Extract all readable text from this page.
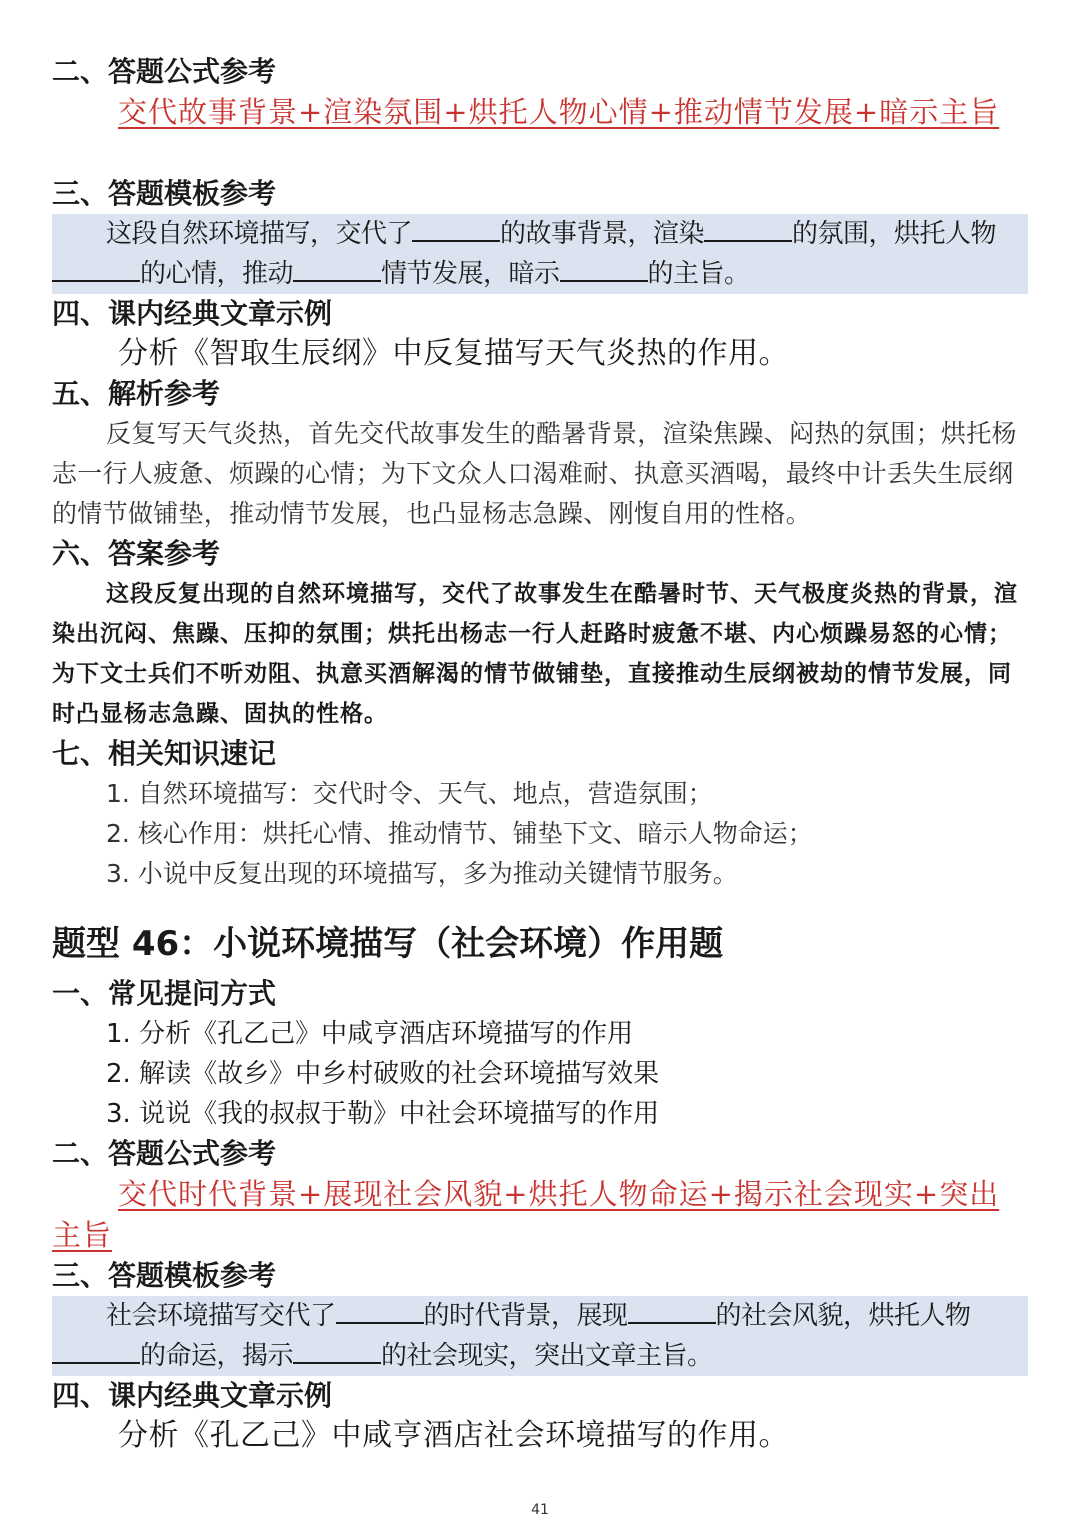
二、答题公式参考

交代故事背景+渲染氛围+烘托人物心情+推动情节发展+暗示主旨

三、答题模板参考

这段自然环境描写，交代了	的故事背景，渲染	的氛围，烘托人物的心情，推动	情节发展，暗示	的主旨。

四、课内经典文章示例

分析《智取生辰纲》中反复描写天气炎热的作用。

五、解析参考

反复写天气炎热，首先交代故事发生的酷暑背景，渲染焦躁、闷热的氛围；烘托杨志一行人疲惫、烦躁的心情；为下文众人口渴难耐、执意买酒喝，最终中计丢失生辰纲的情节做铺垫，推动情节发展，也凸显杨志急躁、刚愎自用的性格。

六、答案参考

这段反复出现的自然环境描写，交代了故事发生在酷暑时节、天气极度炎热的背景，渲染出沉闷、焦躁、压抑的氛围；烘托出杨志一行人赶路时疲惫不堪、内心烦躁易怒的心情；为下文士兵们不听劝阻、执意买酒解渴的情节做铺垫，直接推动生辰纲被劫的情节发展，同时凸显杨志急躁、固执的性格。

七、相关知识速记
1. 自然环境描写：交代时令、天气、地点，营造氛围；
2. 核心作用：烘托心情、推动情节、铺垫下文、暗示人物命运；
3. 小说中反复出现的环境描写，多为推动关键情节服务。
题型 46：小说环境描写（社会环境）作用题
一、常见提问方式
1. 分析《孔乙己》中咸亨酒店环境描写的作用
2. 解读《故乡》中乡村破败的社会环境描写效果
3. 说说《我的叔叔于勒》中社会环境描写的作用
二、答题公式参考

交代时代背景+展现社会风貌+烘托人物命运+揭示社会现实+突出主旨

三、答题模板参考

社会环境描写交代了	的时代背景，展现	的社会风貌，烘托人物的命运，揭示	的社会现实，突出文章主旨。

四、课内经典文章示例

分析《孔乙己》中咸亨酒店社会环境描写的作用。

41
